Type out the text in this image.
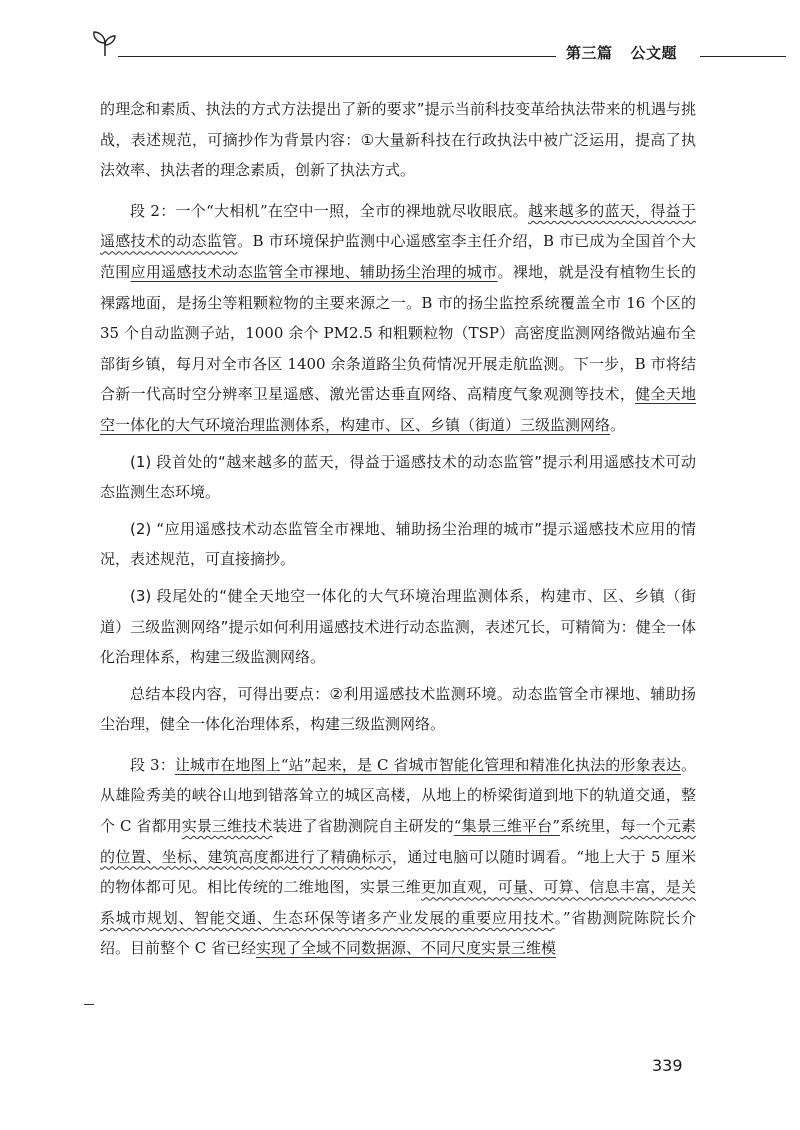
第三篇 公文题

的理念和素质、执法的方式方法提出了新的要求”提示当前科技变革给执法带来的机遇与挑战，表述规范，可摘抄作为背景内容：①大量新科技在行政执法中被广泛运用，提高了执法效率、执法者的理念素质，创新了执法方式。

段 2：一个“大相机”在空中一照，全市的裸地就尽收眼底。越来越多的蓝天，得益于遥感技术的动态监管。B 市环境保护监测中心遥感室李主任介绍，B 市已成为全国首个大范围应用遥感技术动态监管全市裸地、辅助扬尘治理的城市。裸地，就是没有植物生长的裸露地面，是扬尘等粗颗粒物的主要来源之一。B 市的扬尘监控系统覆盖全市 16 个区的 35 个自动监测子站，1000 余个 PM2.5 和粗颗粒物（TSP）高密度监测网络微站遍布全部街乡镇，每月对全市各区 1400 余条道路尘负荷情况开展走航监测。下一步，B 市将结合新一代高时空分辨率卫星遥感、激光雷达垂直网络、高精度气象观测等技术，健全天地空一体化的大气环境治理监测体系，构建市、区、乡镇（街道）三级监测网络。

(1) 段首处的“越来越多的蓝天，得益于遥感技术的动态监管”提示利用遥感技术可动态监测生态环境。

(2) “应用遥感技术动态监管全市裸地、辅助扬尘治理的城市”提示遥感技术应用的情况，表述规范，可直接摘抄。

(3) 段尾处的“健全天地空一体化的大气环境治理监测体系，构建市、区、乡镇（街道）三级监测网络”提示如何利用遥感技术进行动态监测，表述冗长，可精简为：健全一体化治理体系，构建三级监测网络。

总结本段内容，可得出要点：②利用遥感技术监测环境。动态监管全市裸地、辅助扬尘治理，健全一体化治理体系，构建三级监测网络。

段 3：让城市在地图上“站”起来，是 C 省城市智能化管理和精准化执法的形象表达。从雄险秀美的峡谷山地到错落耸立的城区高楼，从地上的桥梁街道到地下的轨道交通，整个 C 省都用实景三维技术装进了省勘测院自主研发的“集景三维平台”系统里，每一个元素的位置、坐标、建筑高度都进行了精确标示，通过电脑可以随时调看。“地上大于 5 厘米的物体都可见。相比传统的二维地图，实景三维更加直观，可量、可算、信息丰富，是关系城市规划、智能交通、生态环保等诸多产业发展的重要应用技术。”省勘测院陈院长介绍。目前整个 C 省已经实现了全域不同数据源、不同尺度实景三维模

339
